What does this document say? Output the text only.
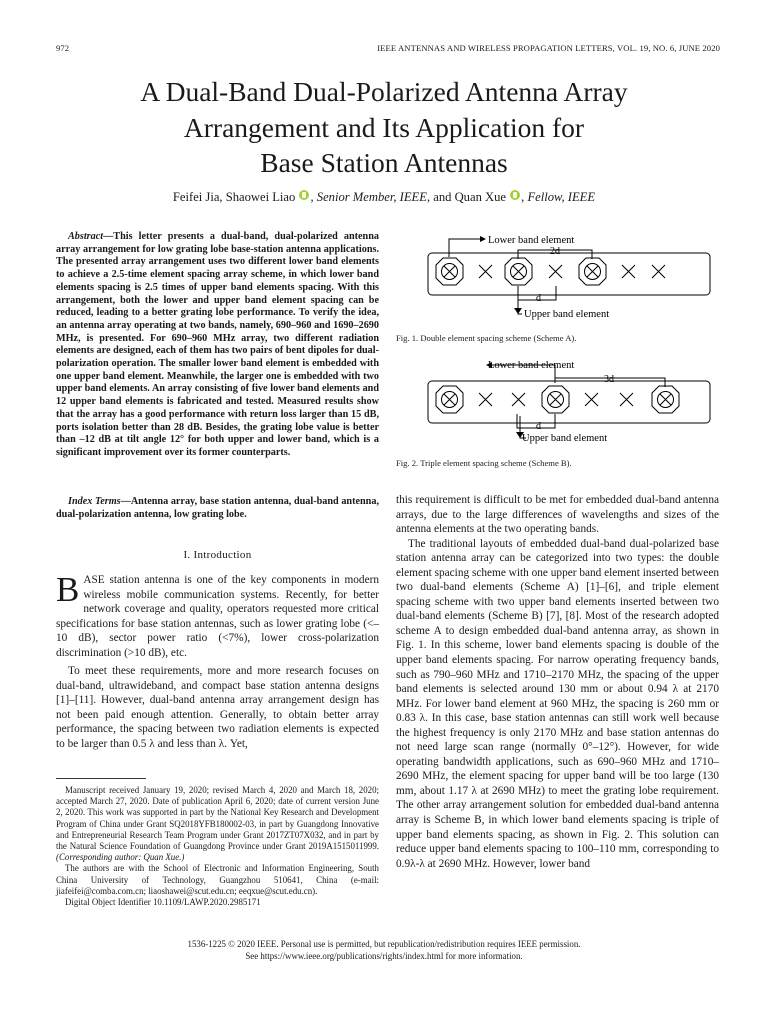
972	IEEE ANTENNAS AND WIRELESS PROPAGATION LETTERS, VOL. 19, NO. 6, JUNE 2020
A Dual-Band Dual-Polarized Antenna Array
Arrangement and Its Application for
Base Station Antennas
Feifei Jia, Shaowei Liao , Senior Member, IEEE, and Quan Xue , Fellow, IEEE

Abstract—This letter presents a dual-band, dual-polarized antenna array arrangement for low grating lobe base-station antenna applications. The presented array arrangement uses two different lower band elements to achieve a 2.5-time element spacing array scheme, in which lower band elements spacing is 2.5 times of upper band elements spacing. With this arrangement, both the lower and upper band element spacing can be reduced, leading to a better grating lobe performance. To verify the idea, an antenna array operating at two bands, namely, 690–960 and 1690–2690 MHz, is presented. For 690–960 MHz array, two different radiation elements are designed, each of them has two pairs of bent dipoles for dual-polarization operation. The smaller lower band element is embedded with one upper band element. Meanwhile, the larger one is embedded with two upper band elements. An array consisting of five lower band elements and 12 upper band elements is fabricated and tested. Measured results show that the array has a good performance with return loss larger than 15 dB, ports isolation better than 28 dB. Besides, the grating lobe value is better than –12 dB at tilt angle 12° for both upper and lower band, which is a significant improvement over its former counterparts.

Index Terms—Antenna array, base station antenna, dual-band antenna, dual-polarization antenna, low grating lobe.

I. Introduction
BASE station antenna is one of the key components in modern wireless mobile communication systems. Recently, for better network coverage and quality, operators requested more critical specifications for base station antennas, such as lower grating lobe (<–10 dB), sector power ratio (<7%), lower cross-polarization discrimination (>10 dB), etc.

To meet these requirements, more and more research focuses on dual-band, ultrawideband, and compact base station antenna designs [1]–[11]. However, dual-band antenna array arrangement design has not been paid enough attention. Generally, to obtain better array performance, the spacing between two radiation elements is expected to be larger than 0.5 λ and less than λ. Yet,

Manuscript received January 19, 2020; revised March 4, 2020 and March 18, 2020; accepted March 27, 2020. Date of publication April 6, 2020; date of current version June 2, 2020. This work was supported in part by the National Key Research and Development Program of China under Grant SQ2018YFB180002-03, in part by Guangdong Innovative and Entrepreneurial Research Team Program under Grant 2017ZT07X032, and in part by the Natural Science Foundation of Guangdong Province under Grant 2019A1515011999. (Corresponding author: Quan Xue.)

The authors are with the School of Electronic and Information Engineering, South China University of Technology, Guangzhou 510641, China (e-mail: jiafeifei@comba.com.cn; liaoshawei@scut.edu.cn; eeqxue@scut.edu.cn).

Digital Object Identifier 10.1109/LAWP.2020.2985171

Lower band element
2d
d
Upper band element
Fig. 1. Double element spacing scheme (Scheme A).
Lower band element
3d
d
Upper band element
Fig. 2. Triple element spacing scheme (Scheme B).

this requirement is difficult to be met for embedded dual-band antenna arrays, due to the large differences of wavelengths and sizes of the antenna elements at the two operating bands.

The traditional layouts of embedded dual-band dual-polarized base station antenna array can be categorized into two types: the double element spacing scheme with one upper band element inserted between two dual-band elements (Scheme A) [1]–[6], and triple element spacing scheme with two upper band elements inserted between two dual-band elements (Scheme B) [7], [8]. Most of the research adopted scheme A to design embedded dual-band antenna array, as shown in Fig. 1. In this scheme, lower band elements spacing is double of the upper band elements spacing. For narrow operating frequency bands, such as 790–960 MHz and 1710–2170 MHz, the spacing of the upper band elements is selected around 130 mm or about 0.94 λ at 2170 MHz. For lower band element at 960 MHz, the spacing is 260 mm or 0.83 λ. In this case, base station antennas can still work well because the highest frequency is only 2170 MHz and base station antennas do not need large scan range (normally 0°–12°). However, for wide operating bandwidth applications, such as 690–960 MHz and 1710–2690 MHz, the element spacing for upper band will be too large (130 mm, about 1.17 λ at 2690 MHz) to meet the grating lobe requirement. The other array arrangement solution for embedded dual-band antenna array is Scheme B, in which lower band elements spacing is triple of upper band elements spacing, as shown in Fig. 2. This solution can reduce upper band elements spacing to 100–110 mm, corresponding to 0.9λ-λ at 2690 MHz. However, lower band

1536-1225 © 2020 IEEE. Personal use is permitted, but republication/redistribution requires IEEE permission.
See https://www.ieee.org/publications/rights/index.html for more information.
